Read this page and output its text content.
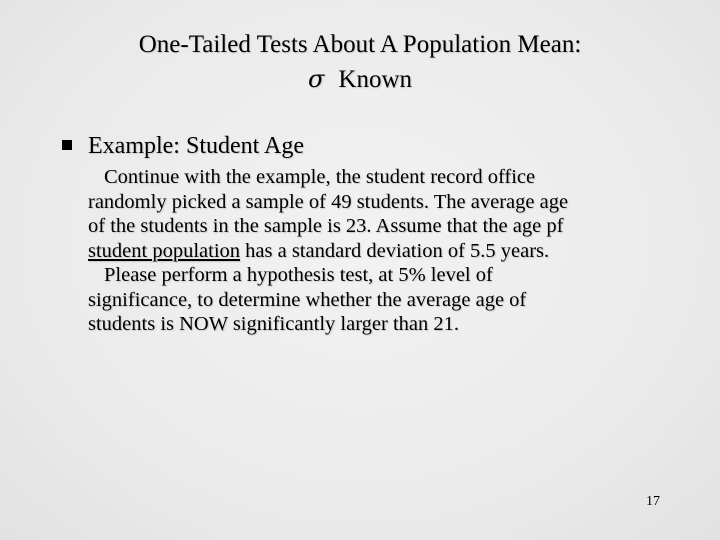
One-Tailed Tests About A Population Mean:
σ Known
Example: Student Age
Continue with the example, the student record office
randomly picked a sample of 49 students. The average age
of the students in the sample is 23. Assume that the age pf
student population has a standard deviation of 5.5 years.
Please perform a hypothesis test, at 5% level of
significance, to determine whether the average age of
students is NOW significantly larger than 21.
17
